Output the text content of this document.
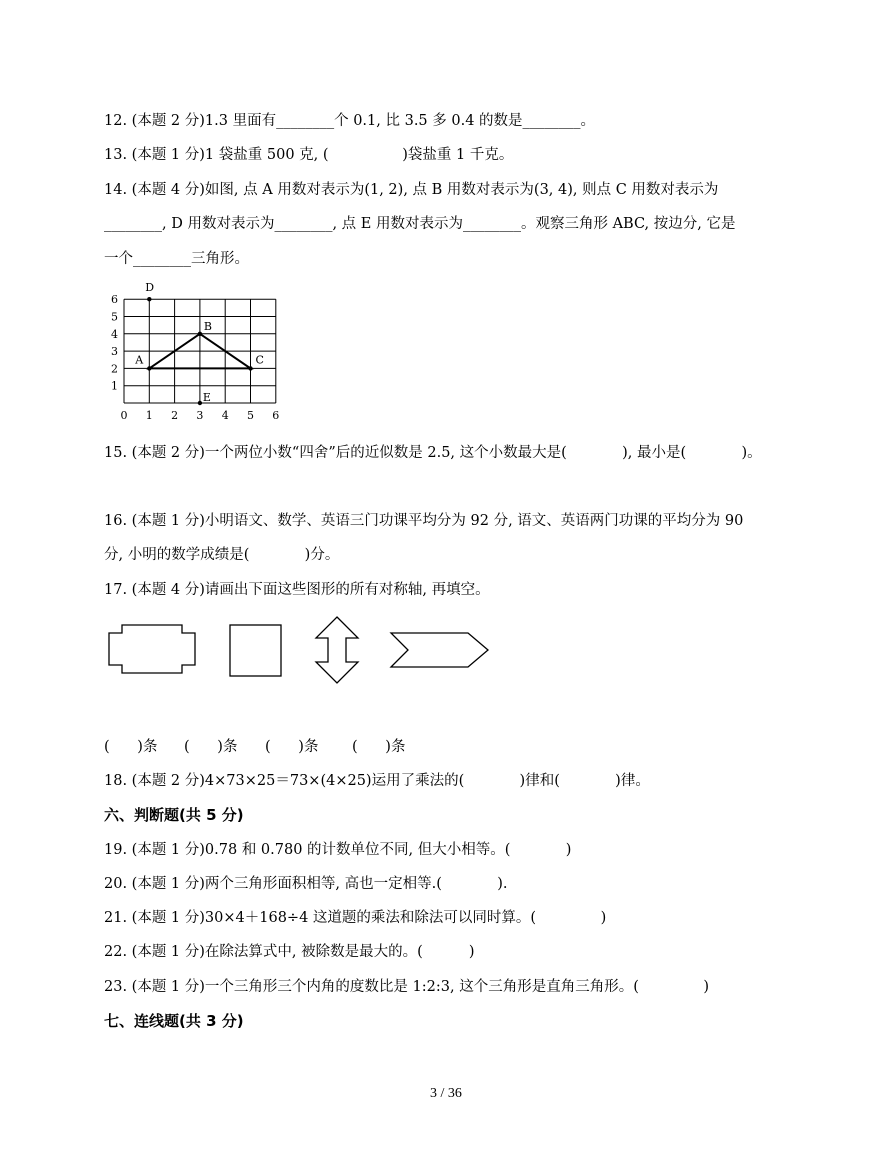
12. (本题 2 分)1.3 里面有________个 0.1, 比 3.5 多 0.4 的数是________。
13. (本题 1 分)1 袋盐重 500 克, (                )袋盐重 1 千克。
14. (本题 4 分)如图, 点 A 用数对表示为(1, 2), 点 B 用数对表示为(3, 4), 则点 C 用数对表示为
________, D 用数对表示为________, 点 E 用数对表示为________。观察三角形 ABC, 按边分, 它是
一个________三角形。
0 1 2 3 4 5 6
1
2
3
4
5
6
A
B
C
D
E
15. (本题 2 分)一个两位小数“四舍”后的近似数是 2.5, 这个小数最大是(            ), 最小是(            )。
16. (本题 1 分)小明语文、数学、英语三门功课平均分为 92 分, 语文、英语两门功课的平均分为 90
分, 小明的数学成绩是(            )分。
17. (本题 4 分)请画出下面这些图形的所有对称轴, 再填空。
(      )条 (      )条 (      )条 (      )条
18. (本题 2 分)4×73×25＝73×(4×25)运用了乘法的(            )律和(            )律。
六、判断题(共 5 分)
19. (本题 1 分)0.78 和 0.780 的计数单位不同, 但大小相等。(            )
20. (本题 1 分)两个三角形面积相等, 高也一定相等.(            ).
21. (本题 1 分)30×4＋168÷4 这道题的乘法和除法可以同时算。(              )
22. (本题 1 分)在除法算式中, 被除数是最大的。(          )
23. (本题 1 分)一个三角形三个内角的度数比是 1:2:3, 这个三角形是直角三角形。(              )
七、连线题(共 3 分)
3 / 36
